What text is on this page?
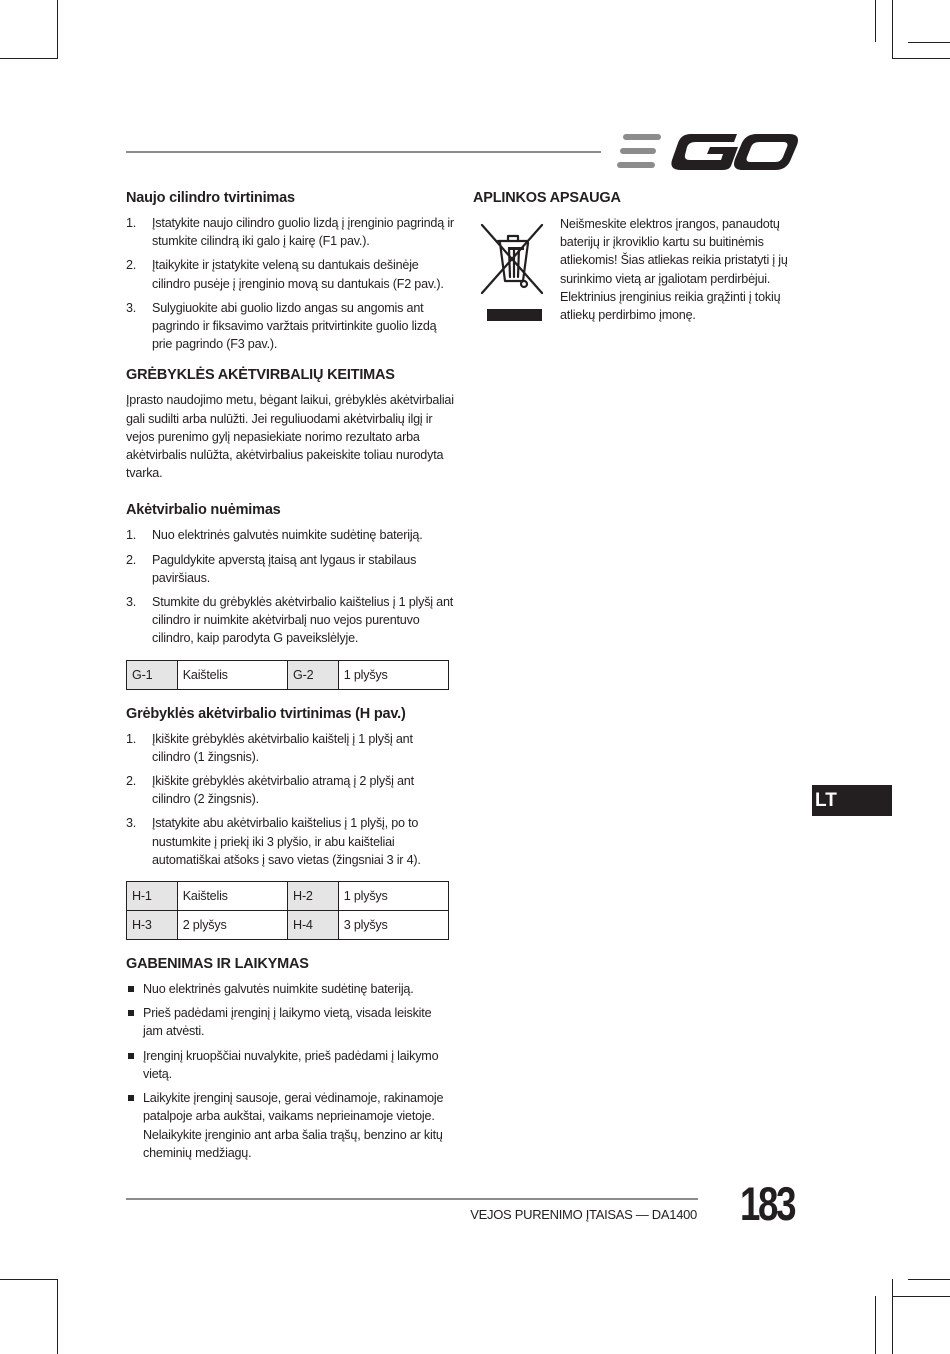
Naujo cilindro tvirtinimas
1. Įstatykite naujo cilindro guolio lizdą į įrenginio pagrindą ir stumkite cilindrą iki galo į kairę (F1 pav.).
2. Įtaikykite ir įstatykite veleną su dantukais dešinėje cilindro pusėje į įrenginio movą su dantukais (F2 pav.).
3. Sulygiuokite abi guolio lizdo angas su angomis ant pagrindo ir fiksavimo varžtais pritvirtinkite guolio lizdą prie pagrindo (F3 pav.).
GRĖBYKLĖS AKĖTVIRBALIŲ KEITIMAS

Įprasto naudojimo metu, bėgant laikui, grėbyklės akėtvirbaliai gali sudilti arba nulūžti. Jei reguliuodami akėtvirbalių ilgį ir vejos purenimo gylį nepasiekiate norimo rezultato arba akėtvirbalis nulūžta, akėtvirbalius pakeiskite toliau nurodyta tvarka.

Akėtvirbalio nuėmimas
1. Nuo elektrinės galvutės nuimkite sudėtinę bateriją.
2. Paguldykite apverstą įtaisą ant lygaus ir stabilaus paviršiaus.
3. Stumkite du grėbyklės akėtvirbalio kaištelius į 1 plyšį ant cilindro ir nuimkite akėtvirbalį nuo vejos purentuvo cilindro, kaip parodyta G paveikslėlyje.
G-1	Kaištelis	G-2	1 plyšys
Grėbyklės akėtvirbalio tvirtinimas (H pav.)
1. Įkiškite grėbyklės akėtvirbalio kaištelį į 1 plyšį ant cilindro (1 žingsnis).
2. Įkiškite grėbyklės akėtvirbalio atramą į 2 plyšį ant cilindro (2 žingsnis).
3. Įstatykite abu akėtvirbalio kaištelius į 1 plyšį, po to nustumkite į priekį iki 3 plyšio, ir abu kaišteliai automatiškai atšoks į savo vietas (žingsniai 3 ir 4).
H-1	Kaištelis	H-2	1 plyšys
H-3	2 plyšys	H-4	3 plyšys
GABENIMAS IR LAIKYMAS
Nuo elektrinės galvutės nuimkite sudėtinę bateriją.
Prieš padėdami įrenginį į laikymo vietą, visada leiskite jam atvėsti.
Įrenginį kruopščiai nuvalykite, prieš padėdami į laikymo vietą.
Laikykite įrenginį sausoje, gerai vėdinamoje, rakinamoje patalpoje arba aukštai, vaikams neprieinamoje vietoje. Nelaikykite įrenginio ant arba šalia trąšų, benzino ar kitų cheminių medžiagų.
APLINKOS APSAUGA
Neišmeskite elektros įrangos, panaudotų baterijų ir įkroviklio kartu su buitinėmis atliekomis! Šias atliekas reikia pristatyti į jų surinkimo vietą ar įgaliotam perdirbėjui. Elektrinius įrenginius reikia grąžinti į tokių atliekų perdirbimo įmonę.
LT
VEJOS PURENIMO ĮTAISAS — DA1400 183
